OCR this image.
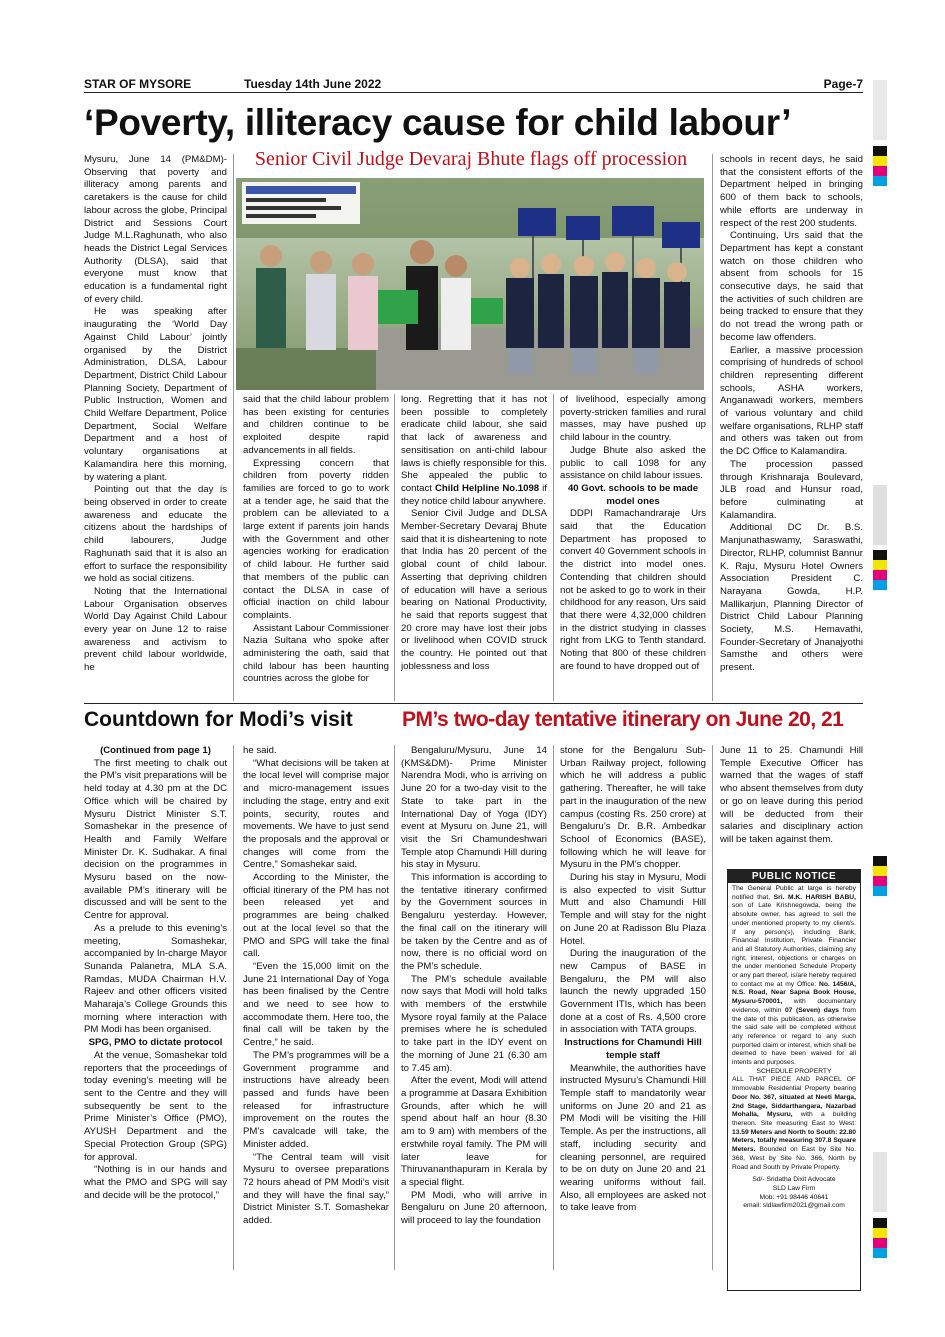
STAR OF MYSORE	Tuesday 14th June 2022	Page-7
‘Poverty, illiteracy cause for child labour’
Senior Civil Judge Devaraj Bhute flags off procession

Mysuru, June 14 (PM&DM)- Observing that poverty and illiteracy among parents and caretakers is the cause for child labour across the globe, Principal District and Sessions Court Judge M.L.Raghunath, who also heads the District Legal Services Authority (DLSA), said that everyone must know that education is a fundamental right of every child.

He was speaking after inaugurating the ‘World Day Against Child Labour’ jointly organised by the District Administration, DLSA, Labour Department, District Child Labour Planning Society, Department of Public Instruction, Women and Child Welfare Department, Police Department, Social Welfare Department and a host of voluntary organisations at Kalamandira here this morning, by watering a plant.

Pointing out that the day is being observed in order to create awareness and educate the citizens about the hardships of child labourers, Judge Raghunath said that it is also an effort to surface the responsibility we hold as social citizens.

Noting that the International Labour Organisation observes World Day Against Child Labour every year on June 12 to raise awareness and activism to prevent child labour worldwide, he

said that the child labour problem has been existing for centuries and children continue to be exploited despite rapid advancements in all fields.

Expressing concern that children from poverty ridden families are forced to go to work at a tender age, he said that the problem can be alleviated to a large extent if parents join hands with the Government and other agencies working for eradication of child labour. He further said that members of the public can contact the DLSA in case of official inaction on child labour complaints.

Assistant Labour Commissioner Nazia Sultana who spoke after administering the oath, said that child labour has been haunting countries across the globe for

long. Regretting that it has not been possible to completely eradicate child labour, she said that lack of awareness and sensitisation on anti-child labour laws is chiefly responsible for this. She appealed the public to contact Child Helpline No.1098 if they notice child labour anywhere.

Senior Civil Judge and DLSA Member-Secretary Devaraj Bhute said that it is disheartening to note that India has 20 percent of the global count of child labour. Asserting that depriving children of education will have a serious bearing on National Productivity, he said that reports suggest that 20 crore may have lost their jobs or livelihood when COVID struck the country. He pointed out that joblessness and loss

of livelihood, especially among poverty-stricken families and rural masses, may have pushed up child labour in the country.

Judge Bhute also asked the public to call 1098 for any assistance on child labour issues.

40 Govt. schools to be made model ones

DDPI Ramachandraraje Urs said that the Education Department has proposed to convert 40 Government schools in the district into model ones. Contending that children should not be asked to go to work in their childhood for any reason, Urs said that there were 4,32,000 children in the district studying in classes right from LKG to Tenth standard. Noting that 800 of these children are found to have dropped out of

schools in recent days, he said that the consistent efforts of the Department helped in bringing 600 of them back to schools, while efforts are underway in respect of the rest 200 students.

Continuing, Urs said that the Department has kept a constant watch on those children who absent from schools for 15 consecutive days, he said that the activities of such children are being tracked to ensure that they do not tread the wrong path or become law offenders.

Earlier, a massive procession comprising of hundreds of school children representing different schools, ASHA workers, Anganawadi workers, members of various voluntary and child welfare organisations, RLHP staff and others was taken out from the DC Office to Kalamandira.

The procession passed through Krishnaraja Boulevard, JLB road and Hunsur road, before culminating at Kalamandira.

Additional DC Dr. B.S. Manjunathaswamy, Saraswathi, Director, RLHP, columnist Bannur K. Raju, Mysuru Hotel Owners Association President C. Narayana Gowda, H.P. Mallikarjun, Planning Director of District Child Labour Planning Society, M.S. Hemavathi, Founder-Secretary of Jnanajyothi Samsthe and others were present.

Countdown for Modi’s visit PM’s two-day tentative itinerary on June 20, 21

(Continued from page 1)

The first meeting to chalk out the PM’s visit preparations will be held today at 4.30 pm at the DC Office which will be chaired by Mysuru District Minister S.T. Somashekar in the presence of Health and Family Welfare Minister Dr. K. Sudhakar. A final decision on the programmes in Mysuru based on the now-available PM’s itinerary will be discussed and will be sent to the Centre for approval.

As a prelude to this evening’s meeting, Somashekar, accompanied by In-charge Mayor Sunanda Palanetra, MLA S.A. Ramdas, MUDA Chairman H.V. Rajeev and other officers visited Maharaja’s College Grounds this morning where interaction with PM Modi has been organised.

SPG, PMO to dictate protocol

At the venue, Somashekar told reporters that the proceedings of today evening’s meeting will be sent to the Centre and they will subsequently be sent to the Prime Minister’s Office (PMO), AYUSH Department and the Special Protection Group (SPG) for approval.

“Nothing is in our hands and what the PMO and SPG will say and decide will be the protocol,”

he said.

“What decisions will be taken at the local level will comprise major and micro-management issues including the stage, entry and exit points, security, routes and movements. We have to just send the proposals and the approval or changes will come from the Centre,” Somashekar said.

According to the Minister, the official itinerary of the PM has not been released yet and programmes are being chalked out at the local level so that the PMO and SPG will take the final call.

“Even the 15,000 limit on the June 21 International Day of Yoga has been finalised by the Centre and we need to see how to accommodate them. Here too, the final call will be taken by the Centre,” he said.

The PM’s programmes will be a Government programme and instructions have already been passed and funds have been released for infrastructure improvement on the routes the PM’s cavalcade will take, the Minister added.

“The Central team will visit Mysuru to oversee preparations 72 hours ahead of PM Modi’s visit and they will have the final say,” District Minister S.T. Somashekar added.

Bengaluru/Mysuru, June 14 (KMS&DM)- Prime Minister Narendra Modi, who is arriving on June 20 for a two-day visit to the State to take part in the International Day of Yoga (IDY) event at Mysuru on June 21, will visit the Sri Chamundeshwari Temple atop Chamundi Hill during his stay in Mysuru.

This information is according to the tentative itinerary confirmed by the Government sources in Bengaluru yesterday. However, the final call on the itinerary will be taken by the Centre and as of now, there is no official word on the PM’s schedule.

The PM’s schedule available now says that Modi will hold talks with members of the erstwhile Mysore royal family at the Palace premises where he is scheduled to take part in the IDY event on the morning of June 21 (6.30 am to 7.45 am).

After the event, Modi will attend a programme at Dasara Exhibition Grounds, after which he will spend about half an hour (8.30 am to 9 am) with members of the erstwhile royal family. The PM will later leave for Thiruvananthapuram in Kerala by a special flight.

PM Modi, who will arrive in Bengaluru on June 20 afternoon, will proceed to lay the foundation

stone for the Bengaluru Sub-Urban Railway project, following which he will address a public gathering. Thereafter, he will take part in the inauguration of the new campus (costing Rs. 250 crore) at Bengaluru’s Dr. B.R. Ambedkar School of Economics (BASE), following which he will leave for Mysuru in the PM’s chopper.

During his stay in Mysuru, Modi is also expected to visit Suttur Mutt and also Chamundi Hill Temple and will stay for the night on June 20 at Radisson Blu Plaza Hotel.

During the inauguration of the new Campus of BASE in Bengaluru, the PM will also launch the newly upgraded 150 Government ITIs, which has been done at a cost of Rs. 4,500 crore in association with TATA groups.

Instructions for Chamundi Hill temple staff

Meanwhile, the authorities have instructed Mysuru’s Chamundi Hill Temple staff to mandatorily wear uniforms on June 20 and 21 as PM Modi will be visiting the Hill Temple. As per the instructions, all staff, including security and cleaning personnel, are required to be on duty on June 20 and 21 wearing uniforms without fail. Also, all employees are asked not to take leave from

June 11 to 25. Chamundi Hill Temple Executive Officer has warned that the wages of staff who absent themselves from duty or go on leave during this period will be deducted from their salaries and disciplinary action will be taken against them.

PUBLIC NOTICE
The General Public at large is hereby notified that, Sri. M.K. HARISH BABU, son of Late Krishnegowda, being the absolute owner, has agreed to sell the under mentioned property to my client/s. If any person(s), including Bank, Financial Institution, Private Financier and all Statutory Authorities, claiming any right, interest, objections or charges on the under mentioned Schedule Property or any part thereof, is/are hereby required to contact me at my Office: No. 1456/A, N.S. Road, Near Sapna Book House, Mysuru-570001, with documentary evidence, within 07 (Seven) days from the date of this publication, as otherwise the said sale will be completed without any reference or regard to any such purported claim or interest, which shall be deemed to have been waived for all intents and purposes.
SCHEDULE PROPERTY
ALL THAT PIECE AND PARCEL OF Immovable Residential Property bearing Door No. 367, situated at Neeti Marga, 2nd Stage, Siddarthangara, Nazarbad Mohalla, Mysuru, with a building thereon. Site measuring East to West: 13.59 Meters and North to South: 22.80 Meters, totally measuring 307.8 Square Meters. Bounded on East by Site No. 368, West by Site No. 366, North by Road and South by Private Property.
Sd/- Sridatha Dixit Advocate
SLD Law Firm
Mob: +91 98446 40641
email: sldlawfirm2021@gmail.com
